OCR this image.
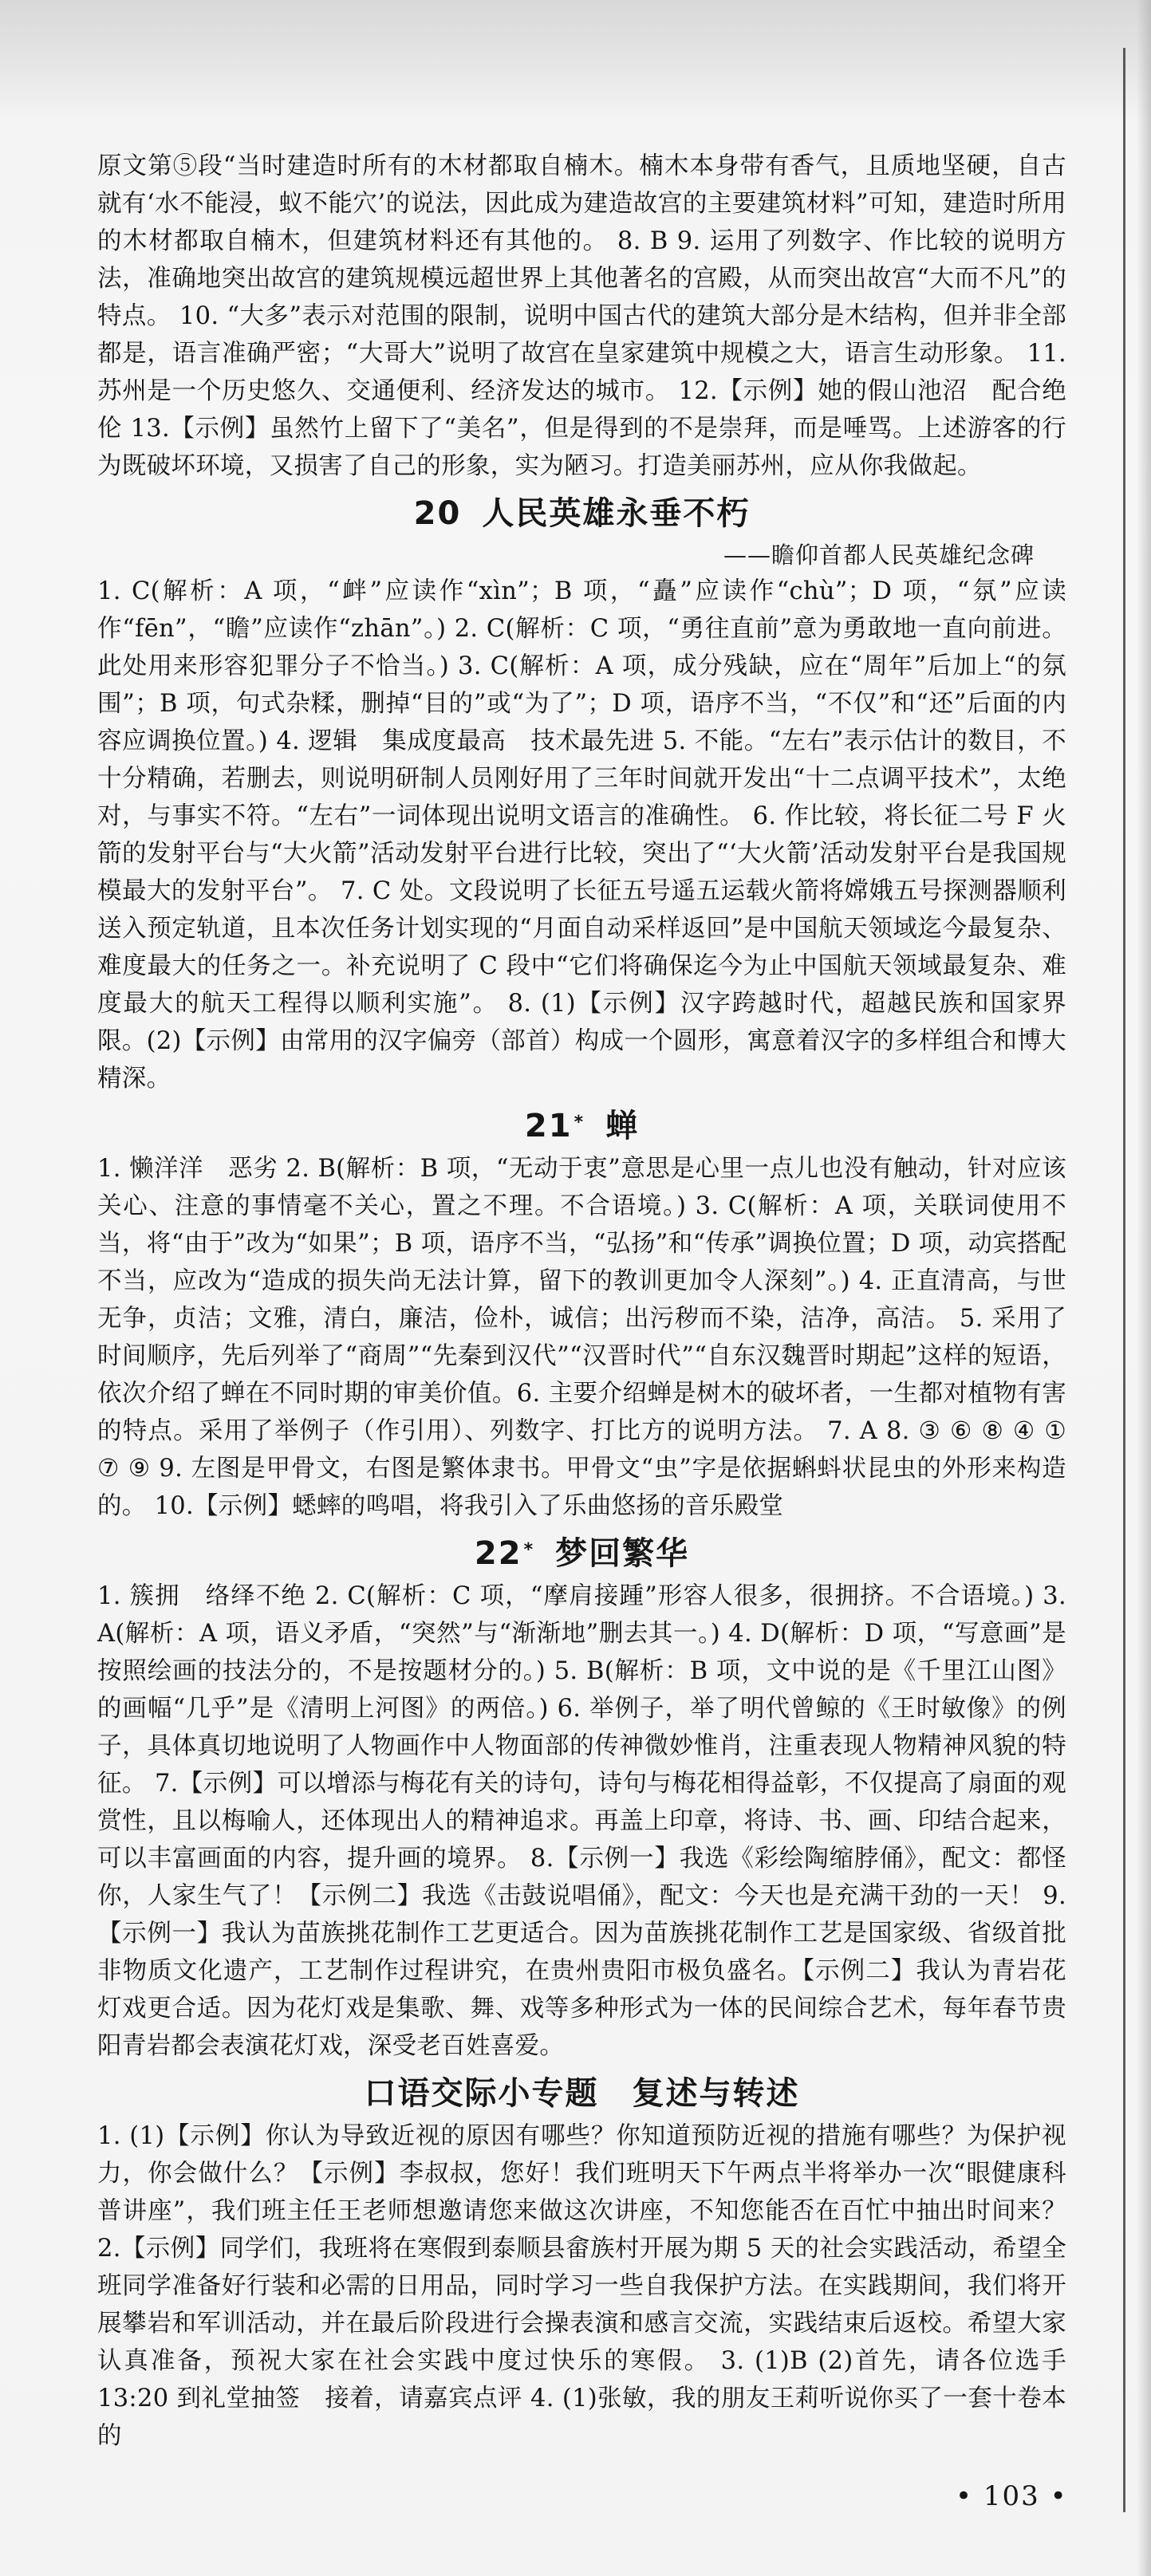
原文第⑤段“当时建造时所有的木材都取自楠木。楠木本身带有香气，且质地坚硬，自古就有‘水不能浸，蚁不能穴’的说法，因此成为建造故宫的主要建筑材料”可知，建造时所用的木材都取自楠木，但建筑材料还有其他的。 8. B 9. 运用了列数字、作比较的说明方法，准确地突出故宫的建筑规模远超世界上其他著名的宫殿，从而突出故宫“大而不凡”的特点。 10. “大多”表示对范围的限制，说明中国古代的建筑大部分是木结构，但并非全部都是，语言准确严密；“大哥大”说明了故宫在皇家建筑中规模之大，语言生动形象。 11. 苏州是一个历史悠久、交通便利、经济发达的城市。 12.【示例】她的假山池沼　配合绝伦 13.【示例】虽然竹上留下了“美名”，但是得到的不是崇拜，而是唾骂。上述游客的行为既破坏环境，又损害了自己的形象，实为陋习。打造美丽苏州，应从你我做起。

20 人民英雄永垂不朽

——瞻仰首都人民英雄纪念碑

1. C(解析：A 项，“衅”应读作“xìn”；B 项，“矗”应读作“chù”；D 项，“氛”应读作“fēn”，“瞻”应读作“zhān”。) 2. C(解析：C 项，“勇往直前”意为勇敢地一直向前进。此处用来形容犯罪分子不恰当。) 3. C(解析：A 项，成分残缺，应在“周年”后加上“的氛围”；B 项，句式杂糅，删掉“目的”或“为了”；D 项，语序不当，“不仅”和“还”后面的内容应调换位置。) 4. 逻辑　集成度最高　技术最先进 5. 不能。“左右”表示估计的数目，不十分精确，若删去，则说明研制人员刚好用了三年时间就开发出“十二点调平技术”，太绝对，与事实不符。“左右”一词体现出说明文语言的准确性。 6. 作比较，将长征二号 F 火箭的发射平台与“大火箭”活动发射平台进行比较，突出了“‘大火箭’活动发射平台是我国规模最大的发射平台”。 7. C 处。文段说明了长征五号遥五运载火箭将嫦娥五号探测器顺利送入预定轨道，且本次任务计划实现的“月面自动采样返回”是中国航天领域迄今最复杂、难度最大的任务之一。补充说明了 C 段中“它们将确保迄今为止中国航天领域最复杂、难度最大的航天工程得以顺利实施”。 8. (1)【示例】汉字跨越时代，超越民族和国家界限。(2)【示例】由常用的汉字偏旁（部首）构成一个圆形，寓意着汉字的多样组合和博大精深。

21* 蝉

1. 懒洋洋　恶劣 2. B(解析：B 项，“无动于衷”意思是心里一点儿也没有触动，针对应该关心、注意的事情毫不关心，置之不理。不合语境。) 3. C(解析：A 项，关联词使用不当，将“由于”改为“如果”；B 项，语序不当，“弘扬”和“传承”调换位置；D 项，动宾搭配不当，应改为“造成的损失尚无法计算，留下的教训更加令人深刻”。) 4. 正直清高，与世无争，贞洁；文雅，清白，廉洁，俭朴，诚信；出污秽而不染，洁净，高洁。 5. 采用了时间顺序，先后列举了“商周”“先秦到汉代”“汉晋时代”“自东汉魏晋时期起”这样的短语，依次介绍了蝉在不同时期的审美价值。6. 主要介绍蝉是树木的破坏者，一生都对植物有害的特点。采用了举例子（作引用）、列数字、打比方的说明方法。 7. A 8. ③ ⑥ ⑧ ④ ① ⑦ ⑨ 9. 左图是甲骨文，右图是繁体隶书。甲骨文“虫”字是依据蝌蚪状昆虫的外形来构造的。 10.【示例】蟋蟀的鸣唱，将我引入了乐曲悠扬的音乐殿堂

22* 梦回繁华

1. 簇拥　络绎不绝 2. C(解析：C 项，“摩肩接踵”形容人很多，很拥挤。不合语境。) 3. A(解析：A 项，语义矛盾，“突然”与“渐渐地”删去其一。) 4. D(解析：D 项，“写意画”是按照绘画的技法分的，不是按题材分的。) 5. B(解析：B 项，文中说的是《千里江山图》的画幅“几乎”是《清明上河图》的两倍。) 6. 举例子，举了明代曾鲸的《王时敏像》的例子，具体真切地说明了人物画作中人物面部的传神微妙惟肖，注重表现人物精神风貌的特征。 7.【示例】可以增添与梅花有关的诗句，诗句与梅花相得益彰，不仅提高了扇面的观赏性，且以梅喻人，还体现出人的精神追求。再盖上印章，将诗、书、画、印结合起来，可以丰富画面的内容，提升画的境界。 8.【示例一】我选《彩绘陶缩脖俑》，配文：都怪你，人家生气了！【示例二】我选《击鼓说唱俑》，配文：今天也是充满干劲的一天！ 9.【示例一】我认为苗族挑花制作工艺更适合。因为苗族挑花制作工艺是国家级、省级首批非物质文化遗产，工艺制作过程讲究，在贵州贵阳市极负盛名。【示例二】我认为青岩花灯戏更合适。因为花灯戏是集歌、舞、戏等多种形式为一体的民间综合艺术，每年春节贵阳青岩都会表演花灯戏，深受老百姓喜爱。

口语交际小专题　复述与转述

1. (1)【示例】你认为导致近视的原因有哪些？你知道预防近视的措施有哪些？为保护视力，你会做什么？【示例】李叔叔，您好！我们班明天下午两点半将举办一次“眼健康科普讲座”，我们班主任王老师想邀请您来做这次讲座，不知您能否在百忙中抽出时间来？ 2.【示例】同学们，我班将在寒假到泰顺县畲族村开展为期 5 天的社会实践活动，希望全班同学准备好行装和必需的日用品，同时学习一些自我保护方法。在实践期间，我们将开展攀岩和军训活动，并在最后阶段进行会操表演和感言交流，实践结束后返校。希望大家认真准备，预祝大家在社会实践中度过快乐的寒假。 3. (1)B (2)首先，请各位选手 13:20 到礼堂抽签　接着，请嘉宾点评 4. (1)张敏，我的朋友王莉听说你买了一套十卷本的

• 103 •
